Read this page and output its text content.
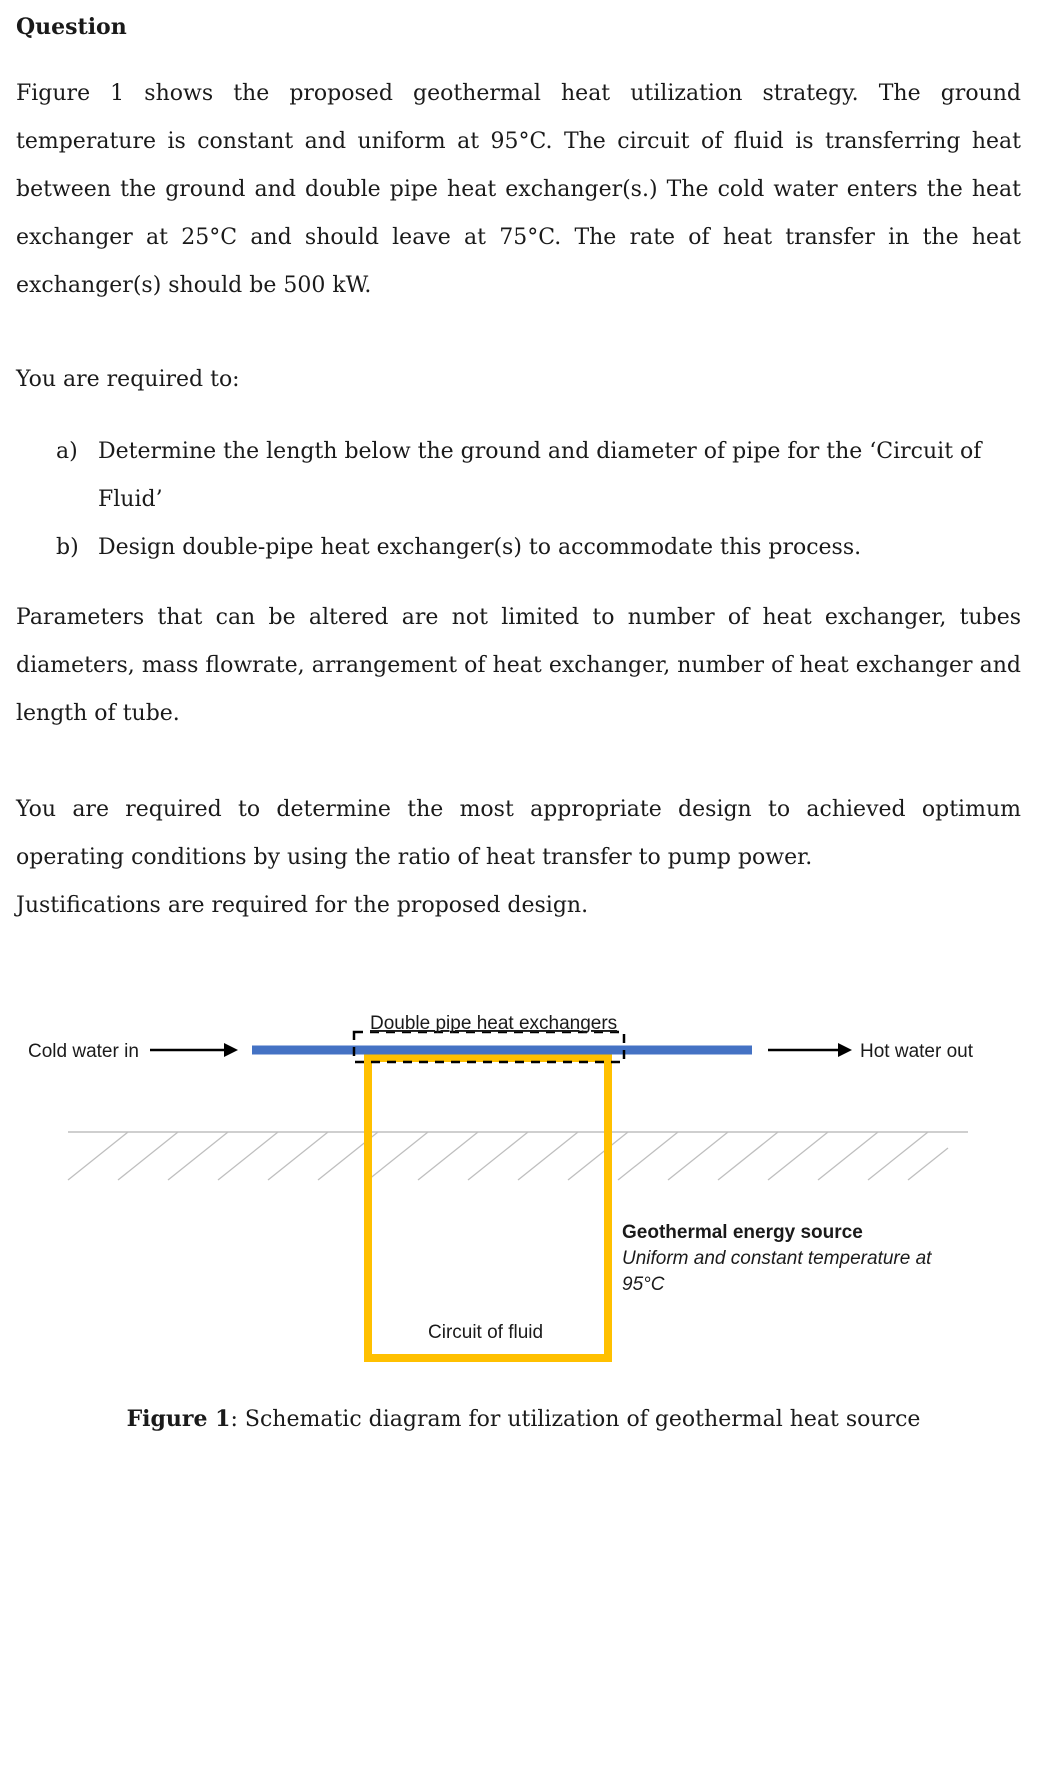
Question

Figure 1 shows the proposed geothermal heat utilization strategy. The ground temperature is constant and uniform at 95°C. The circuit of fluid is transferring heat between the ground and double pipe heat exchanger(s.) The cold water enters the heat exchanger at 25°C and should leave at 75°C. The rate of heat transfer in the heat exchanger(s) should be 500 kW.

You are required to:

a) Determine the length below the ground and diameter of pipe for the ‘Circuit of Fluid’
b) Design double-pipe heat exchanger(s) to accommodate this process.

Parameters that can be altered are not limited to number of heat exchanger, tubes diameters, mass flowrate, arrangement of heat exchanger, number of heat exchanger and length of tube.

You are required to determine the most appropriate design to achieved optimum operating conditions by using the ratio of heat transfer to pump power.

Justifications are required for the proposed design.

Cold water in	Hot water out
Double pipe heat exchangers
Circuit of fluid
Geothermal energy source
Uniform and constant temperature at
95°C
Figure 1: Schematic diagram for utilization of geothermal heat source
